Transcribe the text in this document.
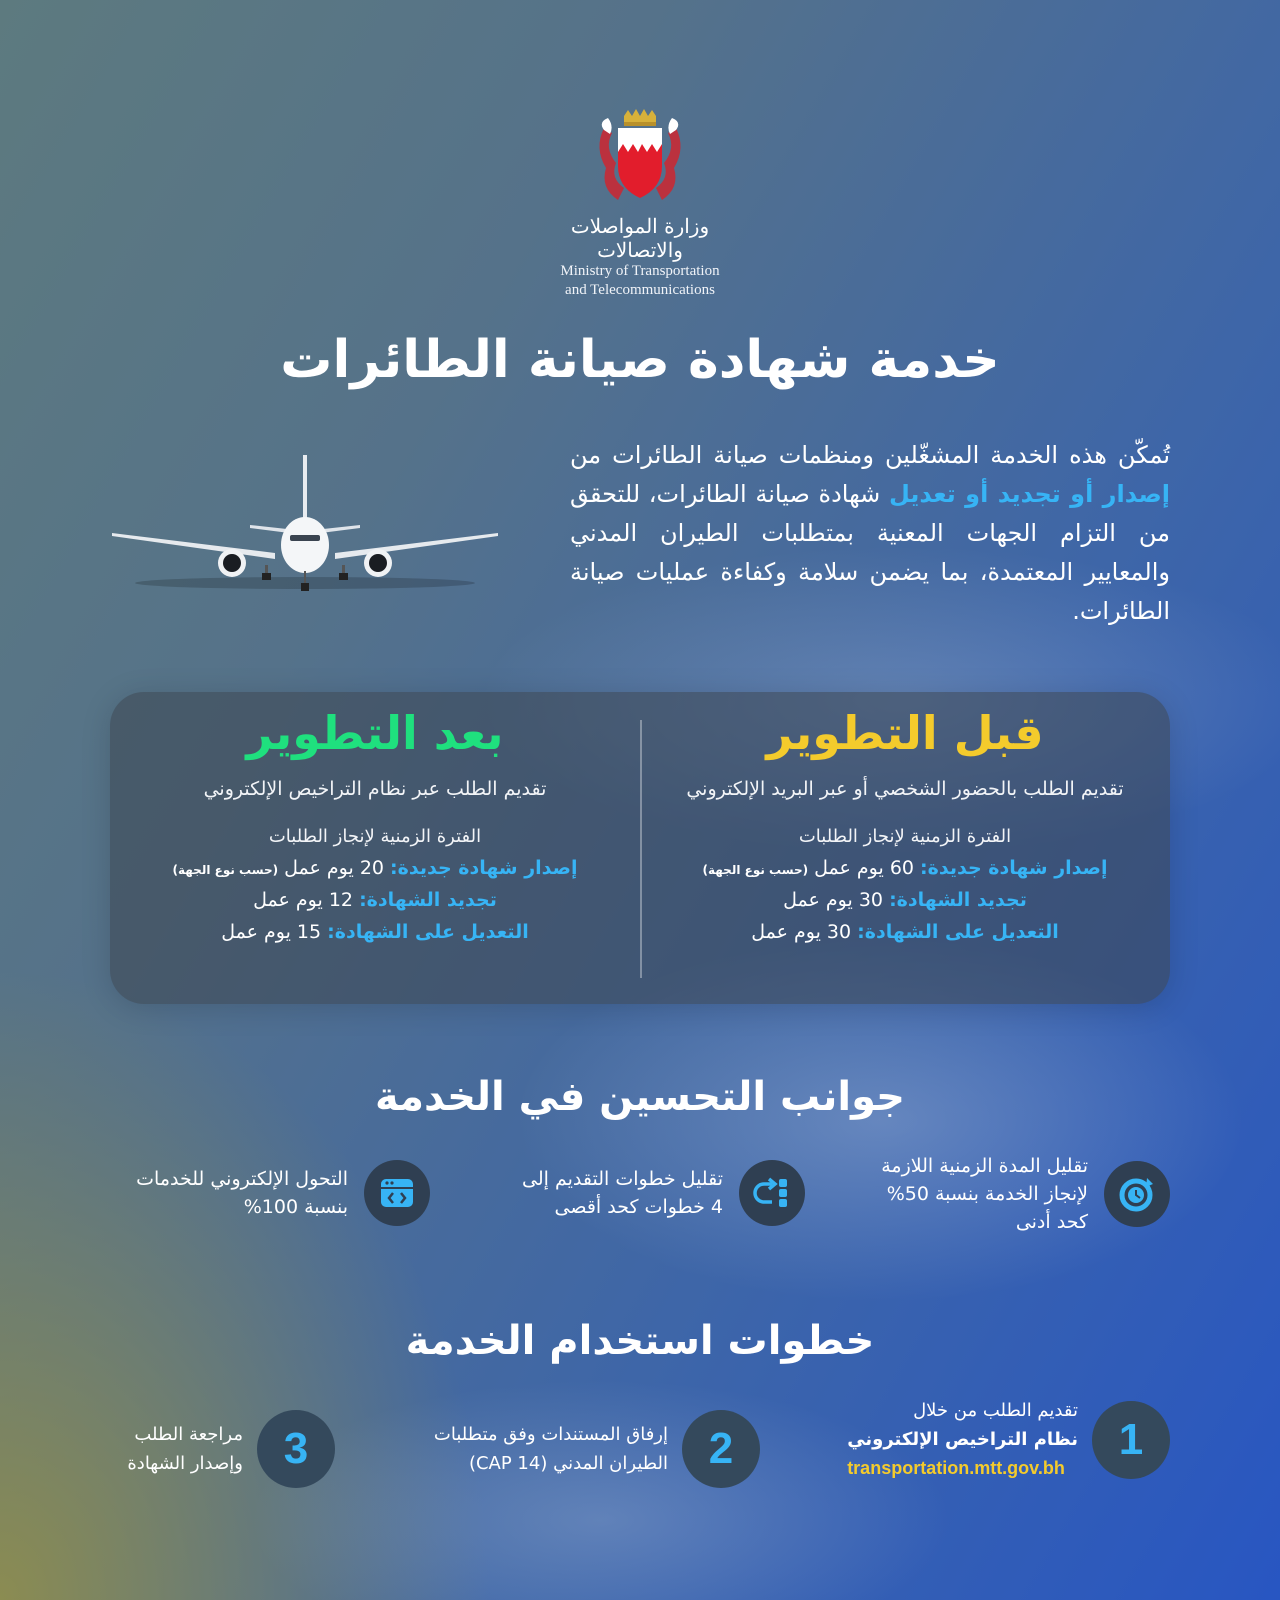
وزارة المواصلات والاتصالات
Ministry of Transportation
and Telecommunications
خدمة شهادة صيانة الطائرات
تُمكّن هذه الخدمة المشغّلين ومنظمات صيانة الطائرات من إصدار أو تجديد أو تعديل شهادة صيانة الطائرات، للتحقق من التزام الجهات المعنية بمتطلبات الطيران المدني والمعايير المعتمدة، بما يضمن سلامة وكفاءة عمليات صيانة الطائرات.
قبل التطوير
تقديم الطلب بالحضور الشخصي أو عبر البريد الإلكتروني
الفترة الزمنية لإنجاز الطلبات
إصدار شهادة جديدة: 60 يوم عمل (حسب نوع الجهة)
تجديد الشهادة: 30 يوم عمل
التعديل على الشهادة: 30 يوم عمل
بعد التطوير
تقديم الطلب عبر نظام التراخيص الإلكتروني
الفترة الزمنية لإنجاز الطلبات
إصدار شهادة جديدة: 20 يوم عمل (حسب نوع الجهة)
تجديد الشهادة: 12 يوم عمل
التعديل على الشهادة: 15 يوم عمل
جوانب التحسين في الخدمة
تقليل المدة الزمنية اللازمة
لإنجاز الخدمة بنسبة 50%
كحد أدنى
تقليل خطوات التقديم إلى
4 خطوات كحد أقصى
التحول الإلكتروني للخدمات
بنسبة 100%
خطوات استخدام الخدمة
1
تقديم الطلب من خلال
نظام التراخيص الإلكتروني
transportation.mtt.gov.bh
2
إرفاق المستندات وفق متطلبات
الطيران المدني (CAP 14)
3
مراجعة الطلب
وإصدار الشهادة
